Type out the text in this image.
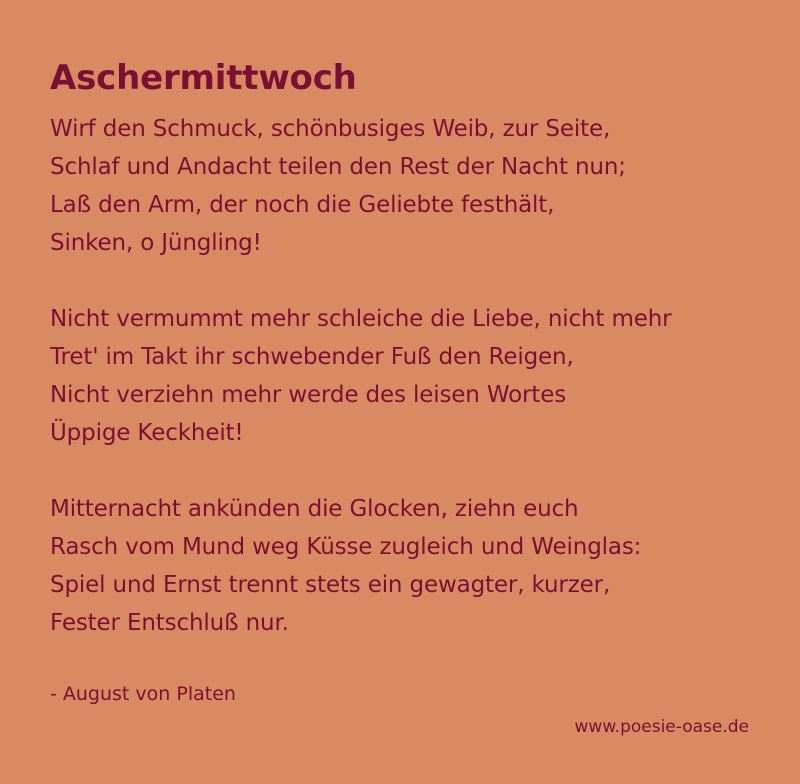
Aschermittwoch
Wirf den Schmuck, schönbusiges Weib, zur Seite,
Schlaf und Andacht teilen den Rest der Nacht nun;
Laß den Arm, der noch die Geliebte festhält,
Sinken, o Jüngling!
Nicht vermummt mehr schleiche die Liebe, nicht mehr
Tret' im Takt ihr schwebender Fuß den Reigen,
Nicht verziehn mehr werde des leisen Wortes
Üppige Keckheit!
Mitternacht ankünden die Glocken, ziehn euch
Rasch vom Mund weg Küsse zugleich und Weinglas:
Spiel und Ernst trennt stets ein gewagter, kurzer,
Fester Entschluß nur.
- August von Platen
www.poesie-oase.de
